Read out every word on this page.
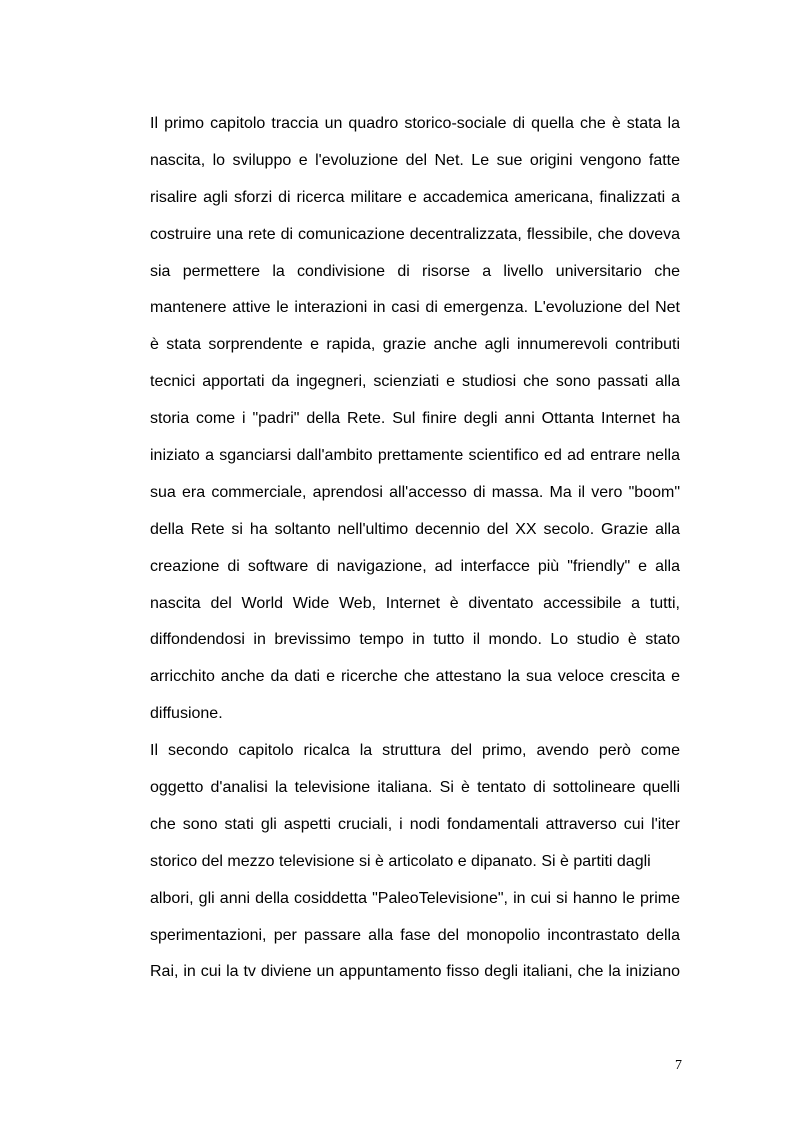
Il primo capitolo traccia un quadro storico-sociale di quella che è stata la
nascita, lo sviluppo e l'evoluzione del Net. Le sue origini vengono fatte
risalire agli sforzi di ricerca militare e accademica americana, finalizzati a
costruire una rete di comunicazione decentralizzata, flessibile, che doveva
sia permettere la condivisione di risorse a livello universitario che
mantenere attive le interazioni in casi di emergenza. L'evoluzione del Net
è stata sorprendente e rapida, grazie anche agli innumerevoli contributi
tecnici apportati da ingegneri, scienziati e studiosi che sono passati alla
storia come i "padri" della Rete. Sul finire degli anni Ottanta Internet ha
iniziato a sganciarsi dall'ambito prettamente scientifico ed ad entrare nella
sua era commerciale, aprendosi all'accesso di massa. Ma il vero "boom"
della Rete si ha soltanto nell'ultimo decennio del XX secolo. Grazie alla
creazione di software di navigazione, ad interfacce più "friendly" e alla
nascita del World Wide Web, Internet è diventato accessibile a tutti,
diffondendosi in brevissimo tempo in tutto il mondo. Lo studio è stato
arricchito anche da dati e ricerche che attestano la sua veloce crescita e
diffusione.
Il secondo capitolo ricalca la struttura del primo, avendo però come
oggetto d'analisi la televisione italiana. Si è tentato di sottolineare quelli
che sono stati gli aspetti cruciali, i nodi fondamentali attraverso cui l'iter
storico del mezzo televisione si è articolato e dipanato. Si è partiti dagli
albori, gli anni della cosiddetta "PaleoTelevisione", in cui si hanno le prime
sperimentazioni, per passare alla fase del monopolio incontrastato della
Rai, in cui la tv diviene un appuntamento fisso degli italiani, che la iniziano
7
